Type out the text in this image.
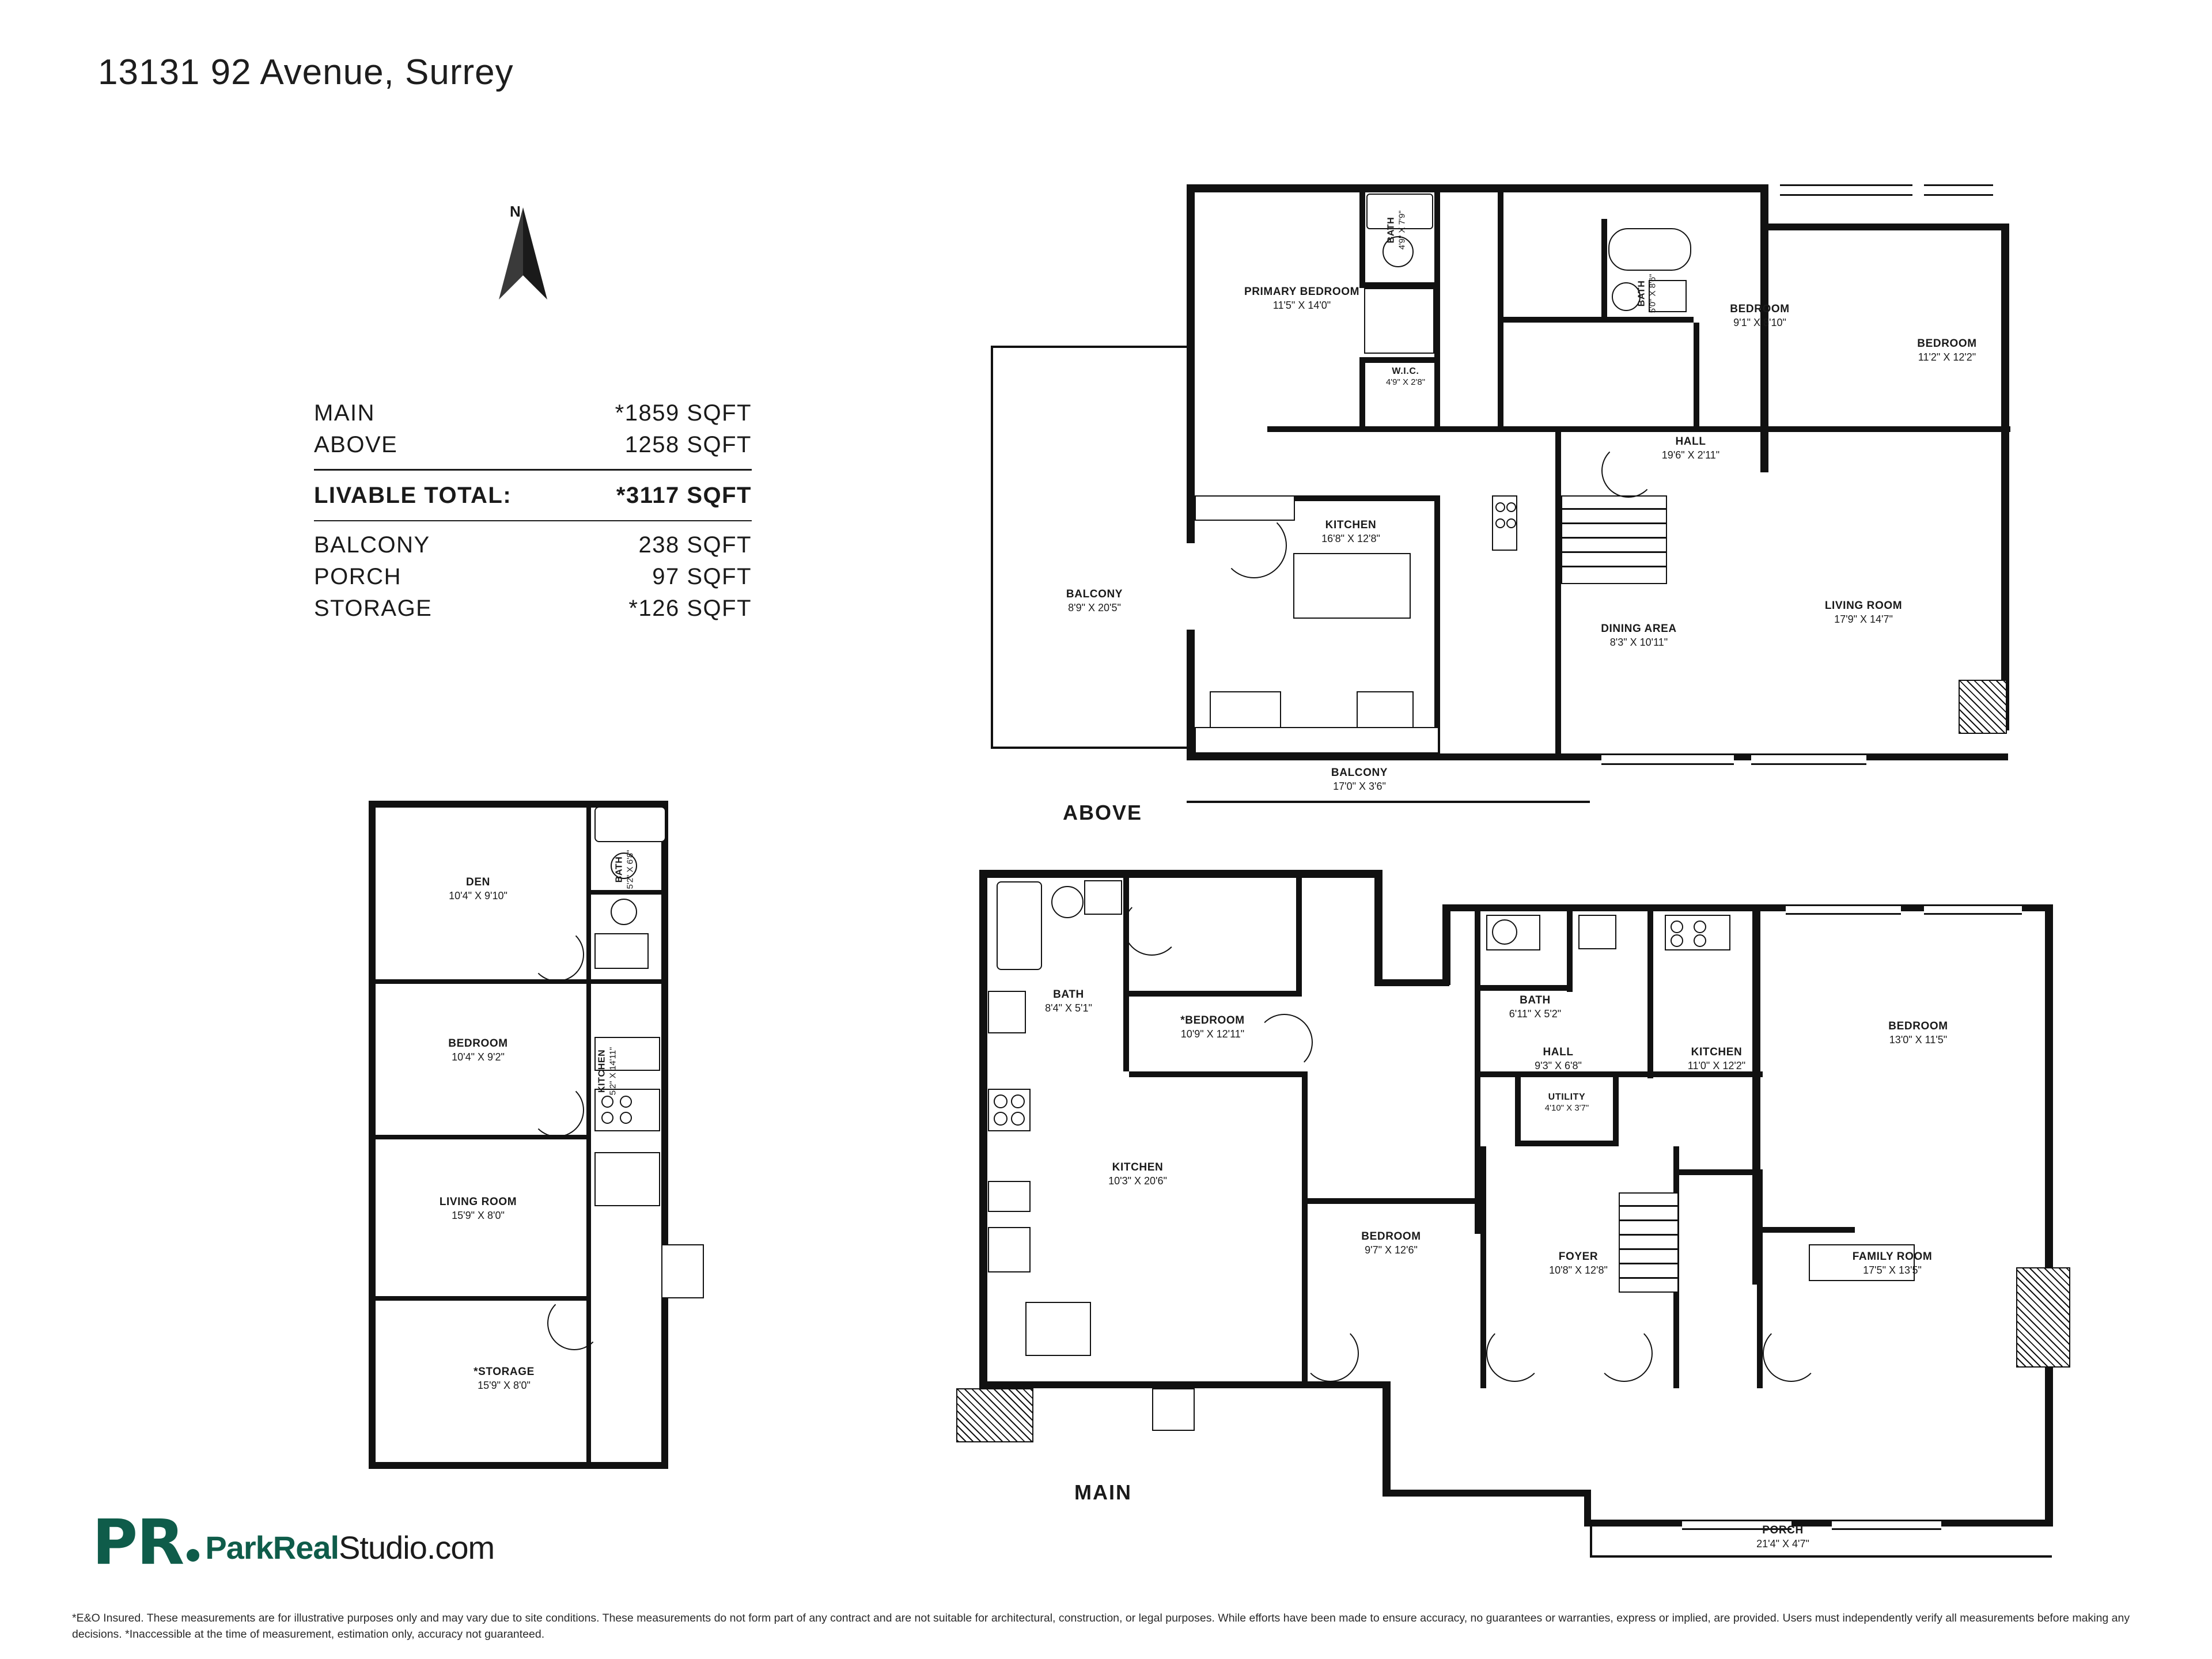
13131 92 Avenue, Surrey
N
MAIN	*1859 SQFT
ABOVE	1258 SQFT
LIVABLE TOTAL:	*3117 SQFT
BALCONY	238 SQFT
PORCH	97 SQFT
STORAGE	*126 SQFT
PRIMARY BEDROOM
11'5" X 14'0"
BATH 4'9" X 7'9"
BATH 5'0" X 8'6"
W.I.C.
4'9" X 2'8"
BEDROOM
9'1" X 8'10"
BEDROOM
11'2" X 12'2"
HALL
19'6" X 2'11"
KITCHEN
16'8" X 12'8"
DINING AREA
8'3" X 10'11"
LIVING ROOM
17'9" X 14'7"
BALCONY
8'9" X 20'5"
BALCONY
17'0" X 3'6"
ABOVE
BATH
8'4" X 5'1"
*BEDROOM
10'9" X 12'11"
BATH
6'11" X 5'2"
HALL
9'3" X 6'8"
KITCHEN
11'0" X 12'2"
BEDROOM
13'0" X 11'5"
UTILITY
4'10" X 3'7"
KITCHEN
10'3" X 20'6"
BEDROOM
9'7" X 12'6"
FOYER
10'8" X 12'8"
FAMILY ROOM
17'5" X 13'5"
PORCH
21'4" X 4'7"
MAIN
DEN
10'4" X 9'10"
BATH 5'2" X 6'8"
BEDROOM
10'4" X 9'2"	KITCHEN 5'2" X 14'11"
LIVING ROOM
15'9" X 8'0"
*STORAGE
15'9" X 8'0"
PR ParkRealStudio.com
*E&O Insured. These measurements are for illustrative purposes only and may vary due to site conditions. These measurements do not form part of any contract and are not suitable for architectural, construction, or legal purposes. While efforts have been made to ensure accuracy, no guarantees or warranties, express or implied, are provided. Users must independently verify all measurements before making any decisions. *Inaccessible at the time of measurement, estimation only, accuracy not guaranteed.
